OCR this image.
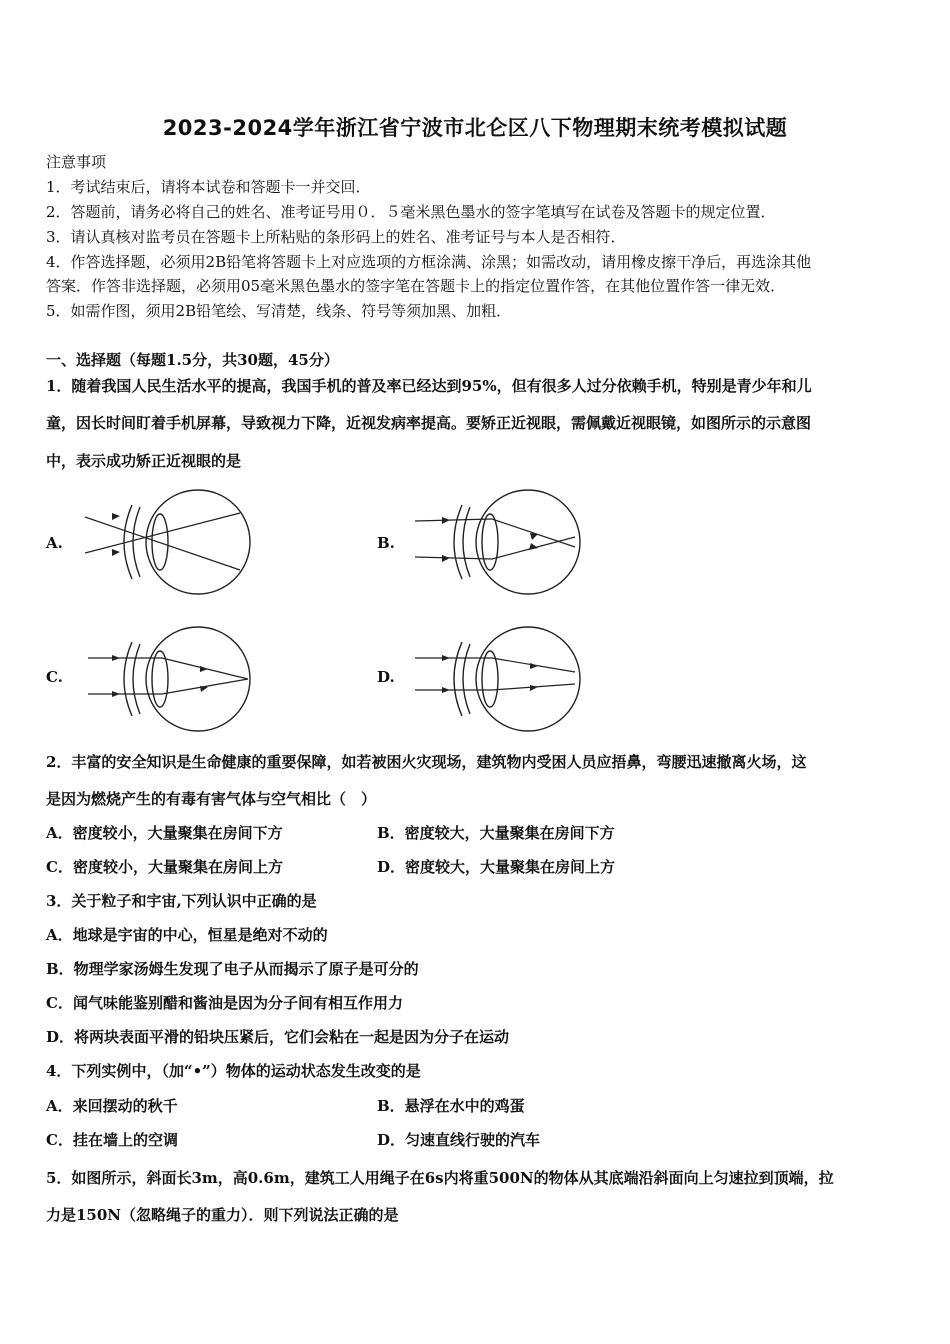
2023-2024学年浙江省宁波市北仑区八下物理期末统考模拟试题
注意事项
1．考试结束后，请将本试卷和答题卡一并交回．
2．答题前，请务必将自己的姓名、准考证号用０．５毫米黑色墨水的签字笔填写在试卷及答题卡的规定位置．
3．请认真核对监考员在答题卡上所粘贴的条形码上的姓名、准考证号与本人是否相符．
4．作答选择题，必须用2B铅笔将答题卡上对应选项的方框涂满、涂黑；如需改动，请用橡皮擦干净后，再选涂其他
答案．作答非选择题，必须用05毫米黑色墨水的签字笔在答题卡上的指定位置作答，在其他位置作答一律无效．
5．如需作图，须用2B铅笔绘、写清楚，线条、符号等须加黑、加粗．
一、选择题（每题1.5分，共30题，45分）
1．随着我国人民生活水平的提高，我国手机的普及率已经达到95%，但有很多人过分依赖手机，特别是青少年和儿
童，因长时间盯着手机屏幕，导致视力下降，近视发病率提高。要矫正近视眼，需佩戴近视眼镜，如图所示的示意图
中，表示成功矫正近视眼的是
A.	B.
C.	D.
2．丰富的安全知识是生命健康的重要保障，如若被困火灾现场，建筑物内受困人员应捂鼻，弯腰迅速撤离火场，这
是因为燃烧产生的有毒有害气体与空气相比（　）
A．密度较小，大量聚集在房间下方	B．密度较大，大量聚集在房间下方
C．密度较小，大量聚集在房间上方	D．密度较大，大量聚集在房间上方
3．关于粒子和宇宙,下列认识中正确的是
A．地球是宇宙的中心，恒星是绝对不动的
B．物理学家汤姆生发现了电子从而揭示了原子是可分的
C．闻气味能鉴别醋和酱油是因为分子间有相互作用力
D．将两块表面平滑的铅块压紧后，它们会粘在一起是因为分子在运动
4．下列实例中，（加“•”）物体的运动状态发生改变的是
A．来回摆动的秋千	B．悬浮在水中的鸡蛋
C．挂在墙上的空调	D．匀速直线行驶的汽车
5．如图所示，斜面长3m，高0.6m，建筑工人用绳子在6s内将重500N的物体从其底端沿斜面向上匀速拉到顶端，拉
力是150N（忽略绳子的重力）．则下列说法正确的是
